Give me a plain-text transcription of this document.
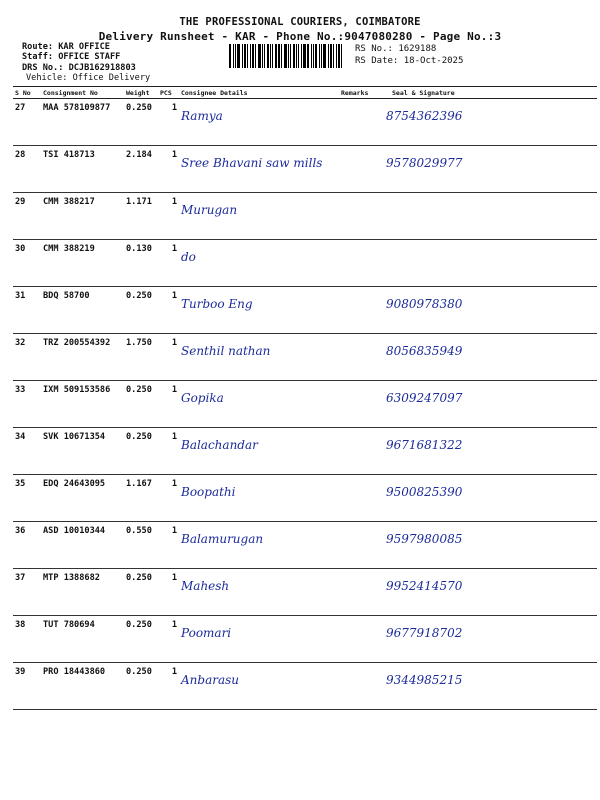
THE PROFESSIONAL COURIERS, COIMBATORE
Delivery Runsheet - KAR - Phone No.:9047080280 - Page No.:3
Route: KAR OFFICE
Staff: OFFICE STAFF
DRS No.: DCJB162918803
Vehicle: Office Delivery
RS No.: 1629188
RS Date: 18-Oct-2025
S No	Consignment No	Weight	PCS	Consignee Details	Remarks	Seal & Signature
27	MAA 578109877	0.250	1	Ramya		8754362396

28	TSI 418713	2.184	1	Sree Bhavani saw mills		9578029977

29	CMM 388217	1.171	1	Murugan		

30	CMM 388219	0.130	1	do		

31	BDQ 58700	0.250	1	Turboo Eng		9080978380

32	TRZ 200554392	1.750	1	Senthil nathan		8056835949

33	IXM 509153586	0.250	1	Gopika		6309247097

34	SVK 10671354	0.250	1	Balachandar		9671681322

35	EDQ 24643095	1.167	1	Boopathi		9500825390

36	ASD 10010344	0.550	1	Balamurugan		9597980085

37	MTP 1388682	0.250	1	Mahesh		9952414570

38	TUT 780694	0.250	1	Poomari		9677918702

39	PRO 18443860	0.250	1	Anbarasu		9344985215
